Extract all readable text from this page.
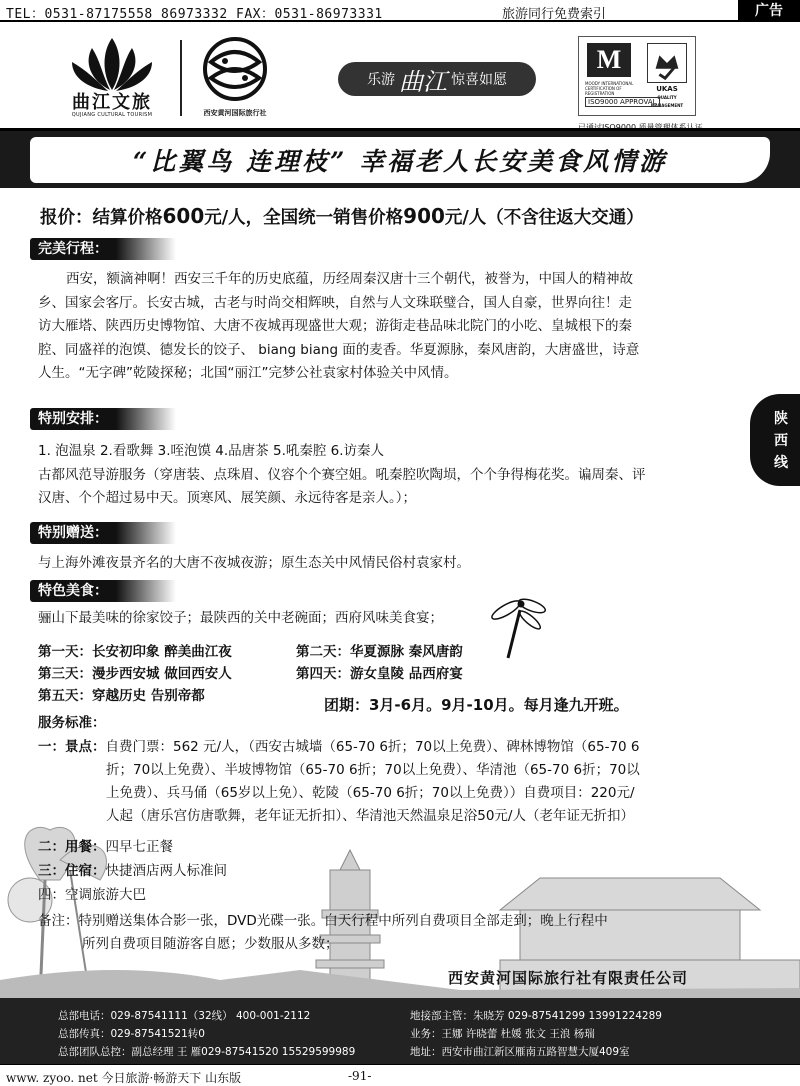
TEL：0531-87175558 86973332 FAX：0531-86973331	旅游同行免费索引	广告
曲江文旅
QUJIANG CULTURAL TOURISM	西安黄河国际旅行社
乐游 曲江 惊喜如愿
M
UKAS
QUALITY MANAGEMENT
MOODY INTERNATIONAL CERTIFICATION OF REGISTRATION
ISO9000 APPROVAL
“比翼鸟 连理枝” 幸福老人长安美食风情游
报价：结算价格600元/人，全国统一销售价格900元/人（不含往返大交通）
完美行程：
西安，额滴神啊！西安三千年的历史底蕴，历经周秦汉唐十三个朝代，被誉为，中国人的精神故
乡、国家会客厅。长安古城，古老与时尚交相辉映，自然与人文珠联璧合，国人自豪，世界向往！走
访大雁塔、陕西历史博物馆、大唐不夜城再现盛世大观；游街走巷品味北院门的小吃、皇城根下的秦
腔、同盛祥的泡馍、德发长的饺子、 biang biang 面的麦香。华夏源脉，秦风唐韵，大唐盛世，诗意
人生。“无字碑”乾陵探秘；北国“丽江”完梦公社袁家村体验关中风情。
陕
西
线
特别安排：
1. 泡温泉 2.看歌舞 3.咥泡馍 4.品唐茶 5.吼秦腔 6.访秦人
古都风范导游服务（穿唐装、点珠眉、仪容个个赛空姐。吼秦腔吹陶埙，个个争得梅花奖。谝周秦、评
汉唐、个个超过易中天。顶寒风、展笑颜、永远待客是亲人。）；
特别赠送：
与上海外滩夜景齐名的大唐不夜城夜游；原生态关中风情民俗村袁家村。
特色美食：
骊山下最美味的徐家饺子；最陕西的关中老碗面；西府风味美食宴；
第一天：长安初印象 醉美曲江夜	第二天：华夏源脉 秦风唐韵
第三天：漫步西安城 做回西安人	第四天：游女皇陵 品西府宴
第五天：穿越历史 告别帝都	团期：3月-6月。9月-10月。每月逢九开班。
服务标准：
一：景点： 自费门票：562 元/人，（西安古城墙（65-70 6折；70以上免费）、碑林博物馆（65-70 6
折；70以上免费）、半坡博物馆（65-70 6折；70以上免费）、华清池（65-70 6折；70以
上免费）、兵马俑（65岁以上免）、乾陵（65-70 6折；70以上免费））自费项目：220元/
人起（唐乐宫仿唐歌舞，老年证无折扣）、华清池天然温泉足浴50元/人（老年证无折扣）
二：用餐：四早七正餐
三：住宿：快捷酒店两人标准间
四：空调旅游大巴
备注：特别赠送集体合影一张，DVD光碟一张。白天行程中所列自费项目全部走到；晚上行程中
所列自费项目随游客自愿；少数服从多数；
西安黄河国际旅行社有限责任公司
总部电话：029-87541111（32线） 400-001-2112
总部传真：029-87541521转0
总部团队总控：副总经理 王 雁029-87541520 15529599989
地接部主管：朱晓芳 029-87541299 13991224289
业务：王娜 许晓蕾 杜媛 张文 王浪 杨瑞
地址：西安市曲江新区雁南五路智慧大厦409室
www. zyoo. net 今日旅游·畅游天下 山东版	-91-
